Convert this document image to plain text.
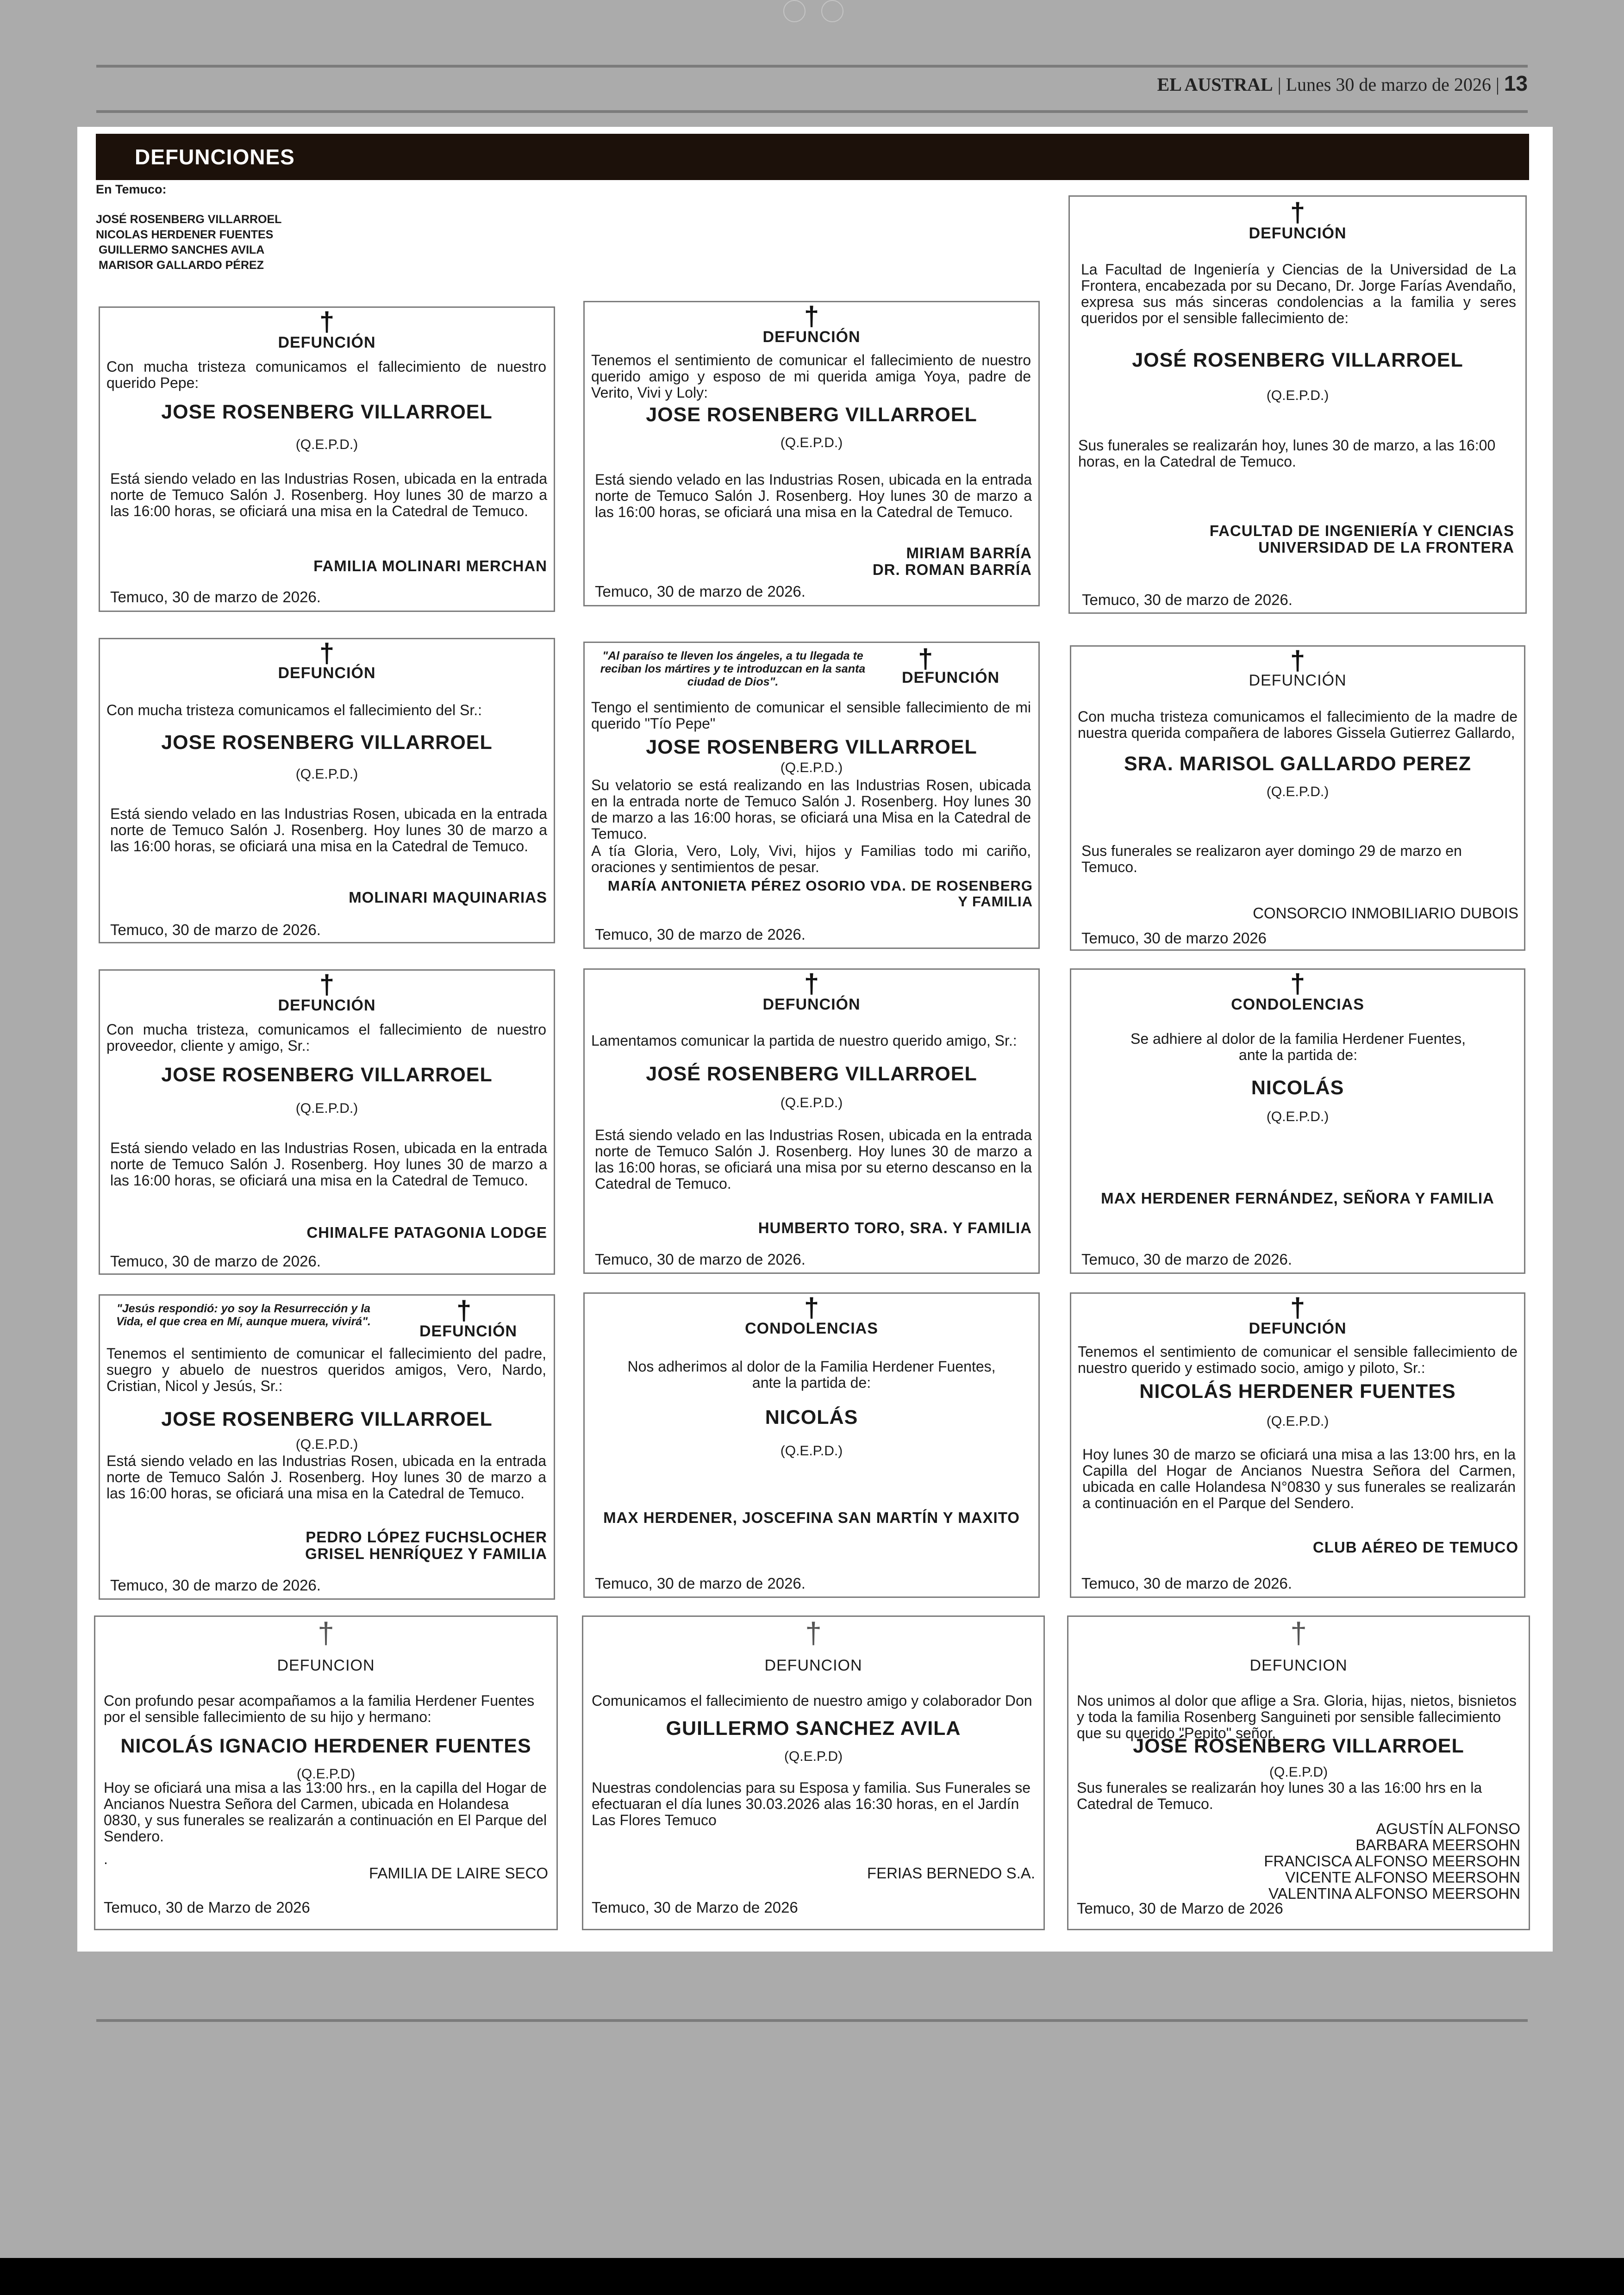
EL AUSTRAL | Lunes 30 de marzo de 2026 | 13
DEFUNCIONES
En Temuco:
JOSÉ ROSENBERG VILLARROEL
NICOLAS HERDENER FUENTES
GUILLERMO SANCHES AVILA
MARISOR GALLARDO PÉREZ
†
DEFUNCIÓN
Con mucha tristeza comunicamos el fallecimiento de nuestro querido Pepe:
JOSE ROSENBERG VILLARROEL
(Q.E.P.D.)
Está siendo velado en las Industrias Rosen, ubicada en la entrada norte de Temuco Salón J. Rosenberg. Hoy lunes 30 de marzo a las 16:00 horas, se oficiará una misa en la Catedral de Temuco.
FAMILIA MOLINARI MERCHAN
Temuco, 30 de marzo de 2026.
†
DEFUNCIÓN
Tenemos el sentimiento de comunicar el fallecimiento de nuestro querido amigo y esposo de mi querida amiga Yoya, padre de Verito, Vivi y Loly:
JOSE ROSENBERG VILLARROEL
(Q.E.P.D.)
Está siendo velado en las Industrias Rosen, ubicada en la entrada norte de Temuco Salón J. Rosenberg. Hoy lunes 30 de marzo a las 16:00 horas, se oficiará una misa en la Catedral de Temuco.
MIRIAM BARRÍA
DR. ROMAN BARRÍA
Temuco, 30 de marzo de 2026.
†
DEFUNCIÓN
La Facultad de Ingeniería y Ciencias de la Universidad de La Frontera, encabezada por su Decano, Dr. Jorge Farías Avendaño, expresa sus más sinceras condolencias a la familia y seres queridos por el sensible fallecimiento de:
JOSÉ ROSENBERG VILLARROEL
(Q.E.P.D.)
Sus funerales se realizarán hoy, lunes 30 de marzo, a las 16:00 horas, en la Catedral de Temuco.
FACULTAD DE INGENIERÍA Y CIENCIAS
UNIVERSIDAD DE LA FRONTERA
Temuco, 30 de marzo de 2026.
†
DEFUNCIÓN
Con mucha tristeza comunicamos el fallecimiento del Sr.:
JOSE ROSENBERG VILLARROEL
(Q.E.P.D.)
Está siendo velado en las Industrias Rosen, ubicada en la entrada norte de Temuco Salón J. Rosenberg. Hoy lunes 30 de marzo a las 16:00 horas, se oficiará una misa en la Catedral de Temuco.
MOLINARI MAQUINARIAS
Temuco, 30 de marzo de 2026.
"Al paraíso te lleven los ángeles, a tu llegada te reciban los mártires y te introduzcan en la santa ciudad de Dios".
†
DEFUNCIÓN
Tengo el sentimiento de comunicar el sensible fallecimiento de mi querido "Tío Pepe"
JOSE ROSENBERG VILLARROEL
(Q.E.P.D.)
Su velatorio se está realizando en las Industrias Rosen, ubicada en la entrada norte de Temuco Salón J. Rosenberg. Hoy lunes 30 de marzo a las 16:00 horas, se oficiará una Misa en la Catedral de Temuco.
A tía Gloria, Vero, Loly, Vivi, hijos y Familias todo mi cariño, oraciones y sentimientos de pesar.
MARÍA ANTONIETA PÉREZ OSORIO VDA. DE ROSENBERG
Y FAMILIA
Temuco, 30 de marzo de 2026.
†
DEFUNCIÓN
Con mucha tristeza comunicamos el fallecimiento de la madre de nuestra querida compañera de labores Gissela Gutierrez Gallardo,
SRA. MARISOL GALLARDO PEREZ
(Q.E.P.D.)
Sus funerales se realizaron ayer domingo 29 de marzo en Temuco.
CONSORCIO INMOBILIARIO DUBOIS
Temuco, 30 de marzo 2026
†
DEFUNCIÓN
Con mucha tristeza, comunicamos el fallecimiento de nuestro proveedor, cliente y amigo, Sr.:
JOSE ROSENBERG VILLARROEL
(Q.E.P.D.)
Está siendo velado en las Industrias Rosen, ubicada en la entrada norte de Temuco Salón J. Rosenberg. Hoy lunes 30 de marzo a las 16:00 horas, se oficiará una misa en la Catedral de Temuco.
CHIMALFE PATAGONIA LODGE
Temuco, 30 de marzo de 2026.
†
DEFUNCIÓN
Lamentamos comunicar la partida de nuestro querido amigo, Sr.:
JOSÉ ROSENBERG VILLARROEL
(Q.E.P.D.)
Está siendo velado en las Industrias Rosen, ubicada en la entrada norte de Temuco Salón J. Rosenberg. Hoy lunes 30 de marzo a las 16:00 horas, se oficiará una misa por su eterno descanso en la Catedral de Temuco.
HUMBERTO TORO, SRA. Y FAMILIA
Temuco, 30 de marzo de 2026.
†
CONDOLENCIAS
Se adhiere al dolor de la familia Herdener Fuentes, ante la partida de:
NICOLÁS
(Q.E.P.D.)
MAX HERDENER FERNÁNDEZ, SEÑORA Y FAMILIA
Temuco, 30 de marzo de 2026.
"Jesús respondió: yo soy la Resurrección y la Vida, el que crea en Mí, aunque muera, vivirá".	†
DEFUNCIÓN
Tenemos el sentimiento de comunicar el fallecimiento del padre, suegro y abuelo de nuestros queridos amigos, Vero, Nardo, Cristian, Nicol y Jesús, Sr.:
JOSE ROSENBERG VILLARROEL
(Q.E.P.D.)
Está siendo velado en las Industrias Rosen, ubicada en la entrada norte de Temuco Salón J. Rosenberg. Hoy lunes 30 de marzo a las 16:00 horas, se oficiará una misa en la Catedral de Temuco.
PEDRO LÓPEZ FUCHSLOCHER
GRISEL HENRÍQUEZ Y FAMILIA
Temuco, 30 de marzo de 2026.
†
CONDOLENCIAS
Nos adherimos al dolor de la Familia Herdener Fuentes, ante la partida de:
NICOLÁS
(Q.E.P.D.)
MAX HERDENER, JOSCEFINA SAN MARTÍN Y MAXITO
Temuco, 30 de marzo de 2026.
†
DEFUNCIÓN
Tenemos el sentimiento de comunicar el sensible fallecimiento de nuestro querido y estimado socio, amigo y piloto, Sr.:
NICOLÁS HERDENER FUENTES
(Q.E.P.D.)
Hoy lunes 30 de marzo se oficiará una misa a las 13:00 hrs, en la Capilla del Hogar de Ancianos Nuestra Señora del Carmen, ubicada en calle Holandesa N°0830 y sus funerales se realizarán a continuación en el Parque del Sendero.
CLUB AÉREO DE TEMUCO
Temuco, 30 de marzo de 2026.
†
DEFUNCION
Con profundo pesar acompañamos a la familia Herdener Fuentes por el sensible fallecimiento de su hijo y hermano:
NICOLÁS IGNACIO HERDENER FUENTES
(Q.E.P.D)
Hoy se oficiará una misa a las 13:00 hrs., en la capilla del Hogar de Ancianos Nuestra Señora del Carmen, ubicada en Holandesa 0830, y sus funerales se realizarán a continuación en El Parque del Sendero.
.
FAMILIA DE LAIRE SECO
Temuco, 30 de Marzo de 2026
†
DEFUNCION
Comunicamos el fallecimiento de nuestro amigo y colaborador Don
GUILLERMO SANCHEZ AVILA
(Q.E.P.D)
Nuestras condolencias para su Esposa y familia. Sus Funerales se efectuaran el día lunes 30.03.2026 alas 16:30 horas, en el Jardín Las Flores Temuco
FERIAS BERNEDO S.A.
Temuco, 30 de Marzo de 2026
†
DEFUNCION
Nos unimos al dolor que aflige a Sra. Gloria, hijas, nietos, bisnietos y toda la familia Rosenberg Sanguineti por sensible fallecimiento que su querido "Pepito" señor,
JOSÉ ROSENBERG VILLARROEL
(Q.E.P.D)
Sus funerales se realizarán hoy lunes 30 a las 16:00 hrs en la Catedral de Temuco.
AGUSTÍN ALFONSO
BARBARA MEERSOHN
FRANCISCA ALFONSO MEERSOHN
VICENTE ALFONSO MEERSOHN
VALENTINA ALFONSO MEERSOHN
Temuco, 30 de Marzo de 2026
